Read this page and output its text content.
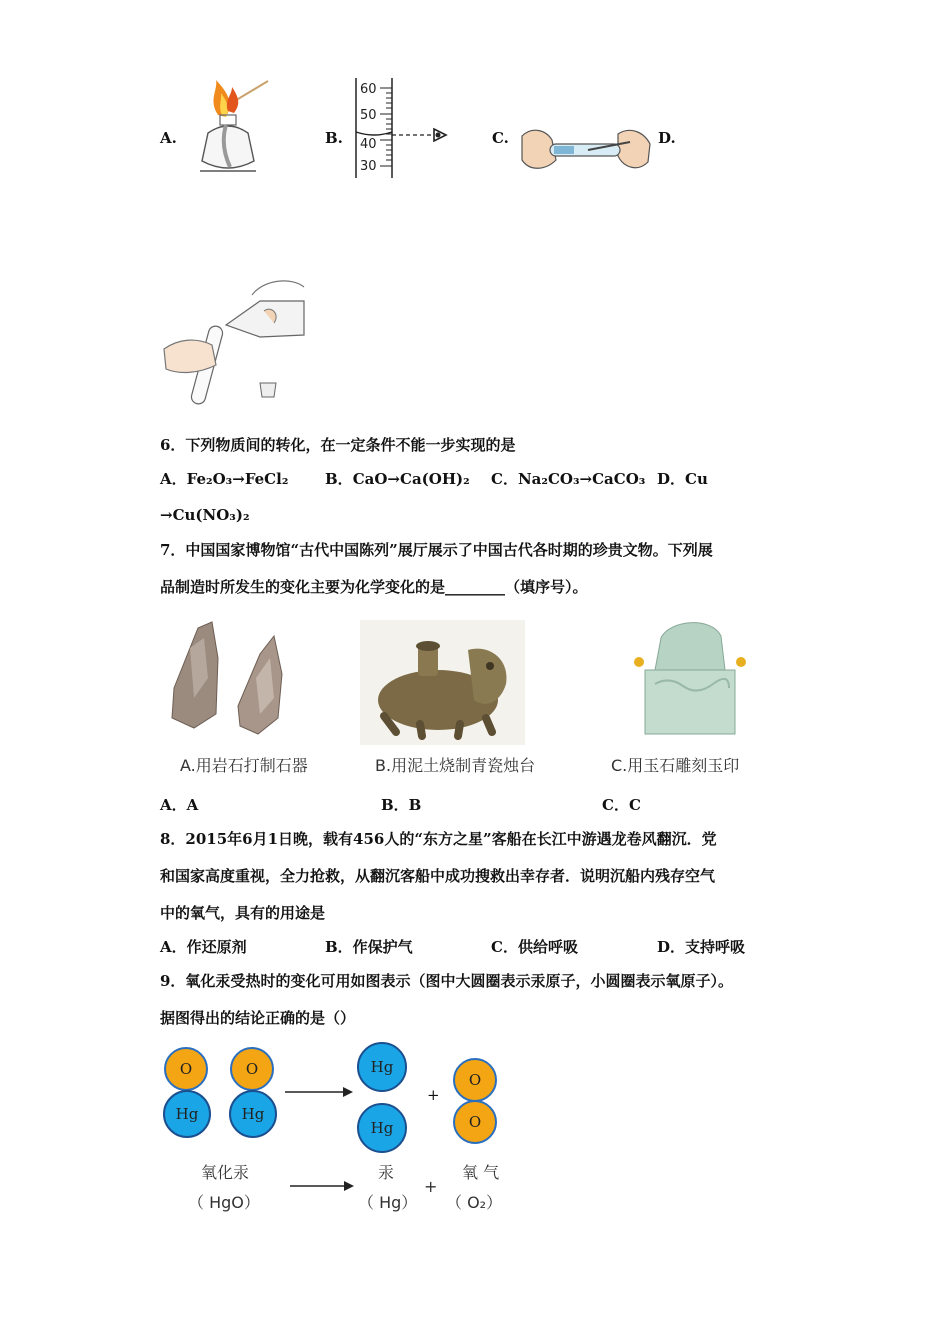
A.	B.
60
50
40
30
C.	D.
6．下列物质间的转化，在一定条件不能一步实现的是
A．Fe₂O₃→FeCl₂ B．CaO→Ca(OH)₂ C．Na₂CO₃→CaCO₃ D．Cu
→Cu(NO₃)₂
7．中国国家博物馆“古代中国陈列”展厅展示了中国古代各时期的珍贵文物。下列展
品制造时所发生的变化主要为化学变化的是________（填序号）。
A.用岩石打制石器	B.用泥土烧制青瓷烛台	C.用玉石雕刻玉印
A．A	B．B	C．C
8．2015年6月1日晚，载有456人的“东方之星”客船在长江中游遇龙卷风翻沉．党
和国家高度重视，全力抢救，从翻沉客船中成功搜救出幸存者．说明沉船内残存空气
中的氧气，具有的用途是
A．作还原剂	B．作保护气	C．供给呼吸	D．支持呼吸
9．氧化汞受热时的变化可用如图表示（图中大圆圈表示汞原子，小圆圈表示氧原子）。
据图得出的结论正确的是（）
O
Hg
O
Hg
Hg
Hg
+
O
O
氧化汞
（ HgO）
汞
（ Hg）
+
氧 气
（ O₂）
